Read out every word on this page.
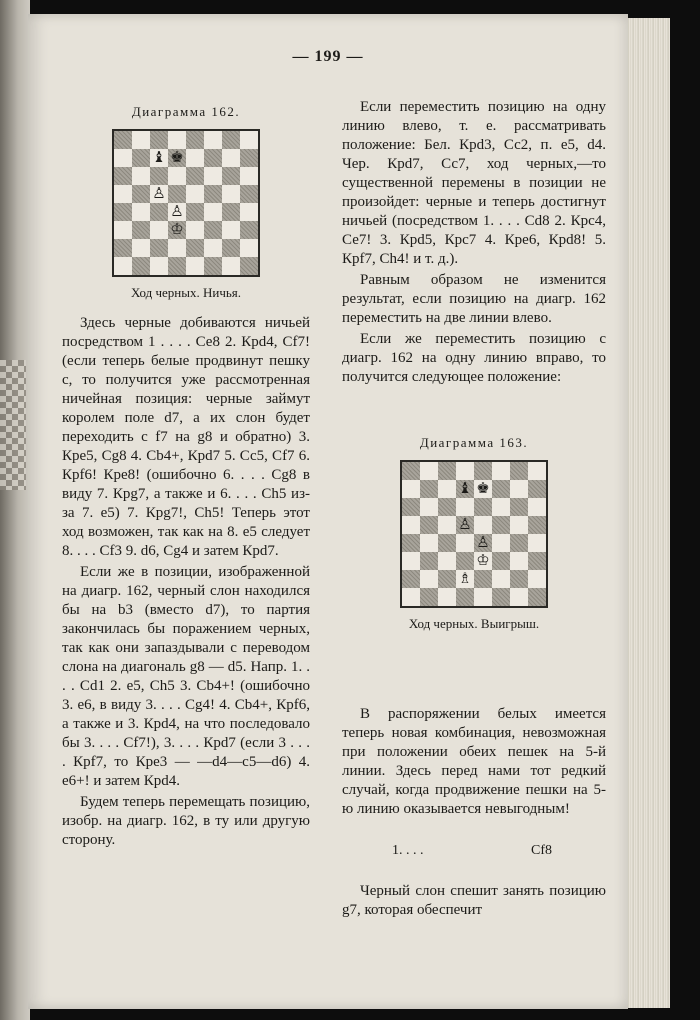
— 199 —
Диаграмма 162.
♝ ♚
♙
♙
♔
Ход черных. Ничья.

Здесь черные добиваются ничьей посредством 1 . . . . Се8 2. Крd4, Сf7! (если теперь белые продвинут пешку с, то получится уже рассмотренная ничейная позиция: черные займут королем поле d7, а их слон будет переходить с f7 на g8 и обратно) 3. Кре5, Сg8 4. Сb4+, Крd7 5. Сс5, Сf7 6. Крf6! Кре8! (ошибочно 6. . . . Сg8 в виду 7. Крg7, а также и 6. . . . Сh5 из-за 7. е5) 7. Крg7!, Сh5! Теперь этот ход возможен, так как на 8. е5 следует 8. . . . Сf3 9. d6, Сg4 и затем Крd7.

Если же в позиции, изображенной на диагр. 162, черный слон находился бы на b3 (вместо d7), то партия закончилась бы поражением черных, так как они запаздывали с переводом слона на диагональ g8 — d5. Напр. 1. . . . Сd1 2. е5, Сh5 3. Сb4+! (ошибочно 3. е6, в виду 3. . . . Сg4! 4. Сb4+, Крf6, а также и 3. Крd4, на что последовало бы 3. . . . Сf7!), 3. . . . Крd7 (если 3 . . . . Крf7, то Кре3 — —d4—с5—d6) 4. е6+! и затем Крd4.

Будем теперь перемещать позицию, изобр. на диагр. 162, в ту или другую сторону.

Если переместить позицию на одну линию влево, т. е. рассматривать положение: Бел. Крd3, Сс2, п. е5, d4. Чер. Крd7, Сс7, ход черных,—то существенной перемены в позиции не произойдет: черные и теперь достигнут ничьей (посредством 1. . . . Сd8 2. Крс4, Се7! 3. Крd5, Крс7 4. Кре6, Крd8! 5. Крf7, Сh4! и т. д.).

Равным образом не изменится результат, если позицию на диагр. 162 переместить на две линии влево.

Если же переместить позицию с диагр. 162 на одну линию вправо, то получится следующее положение:

Диаграмма 163.
♝ ♚
♙
♙
♔
♗
Ход черных. Выигрыш.

В распоряжении белых имеется теперь новая комбинация, невозможная при положении обеих пешек на 5-й линии. Здесь перед нами тот редкий случай, когда продвижение пешки на 5-ю линию оказывается невыгодным!

1. . . .	Сf8

Черный слон спешит занять позицию g7, которая обеспечит
